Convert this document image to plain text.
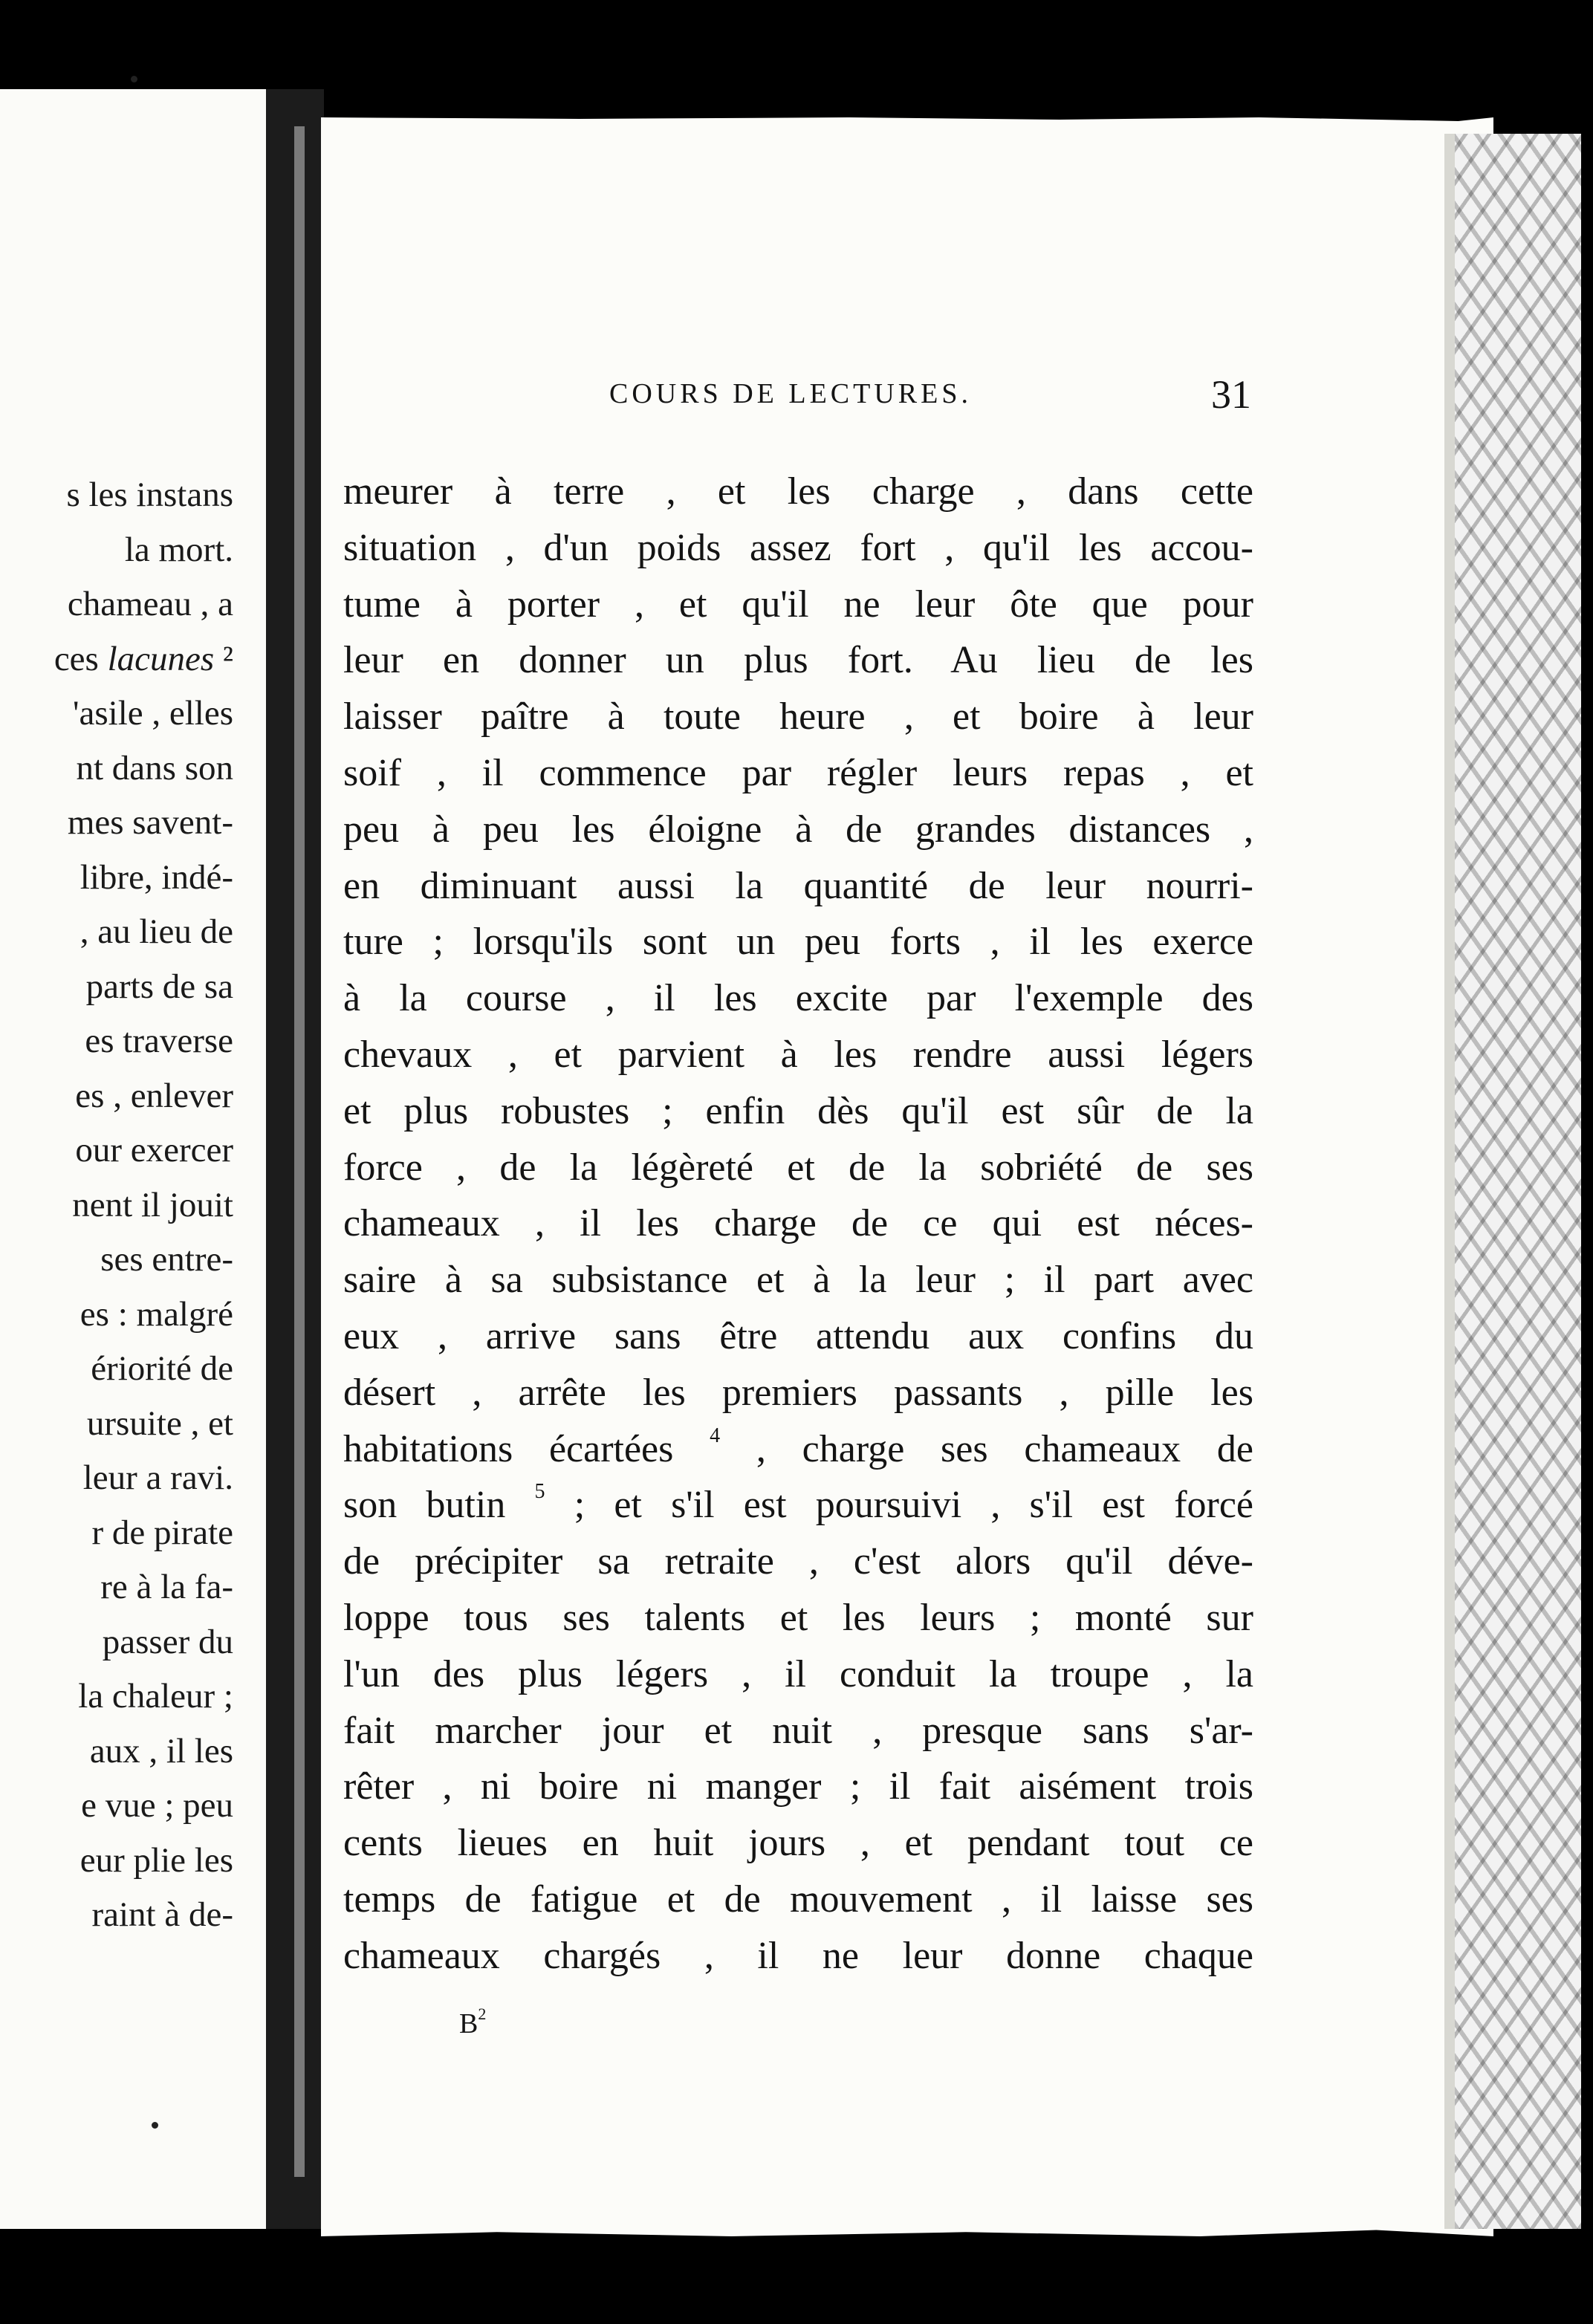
s les instans
la mort.
chameau , a
ces lacunes ²
'asile , elles
nt dans son
mes savent-
libre, indé-
, au lieu de
parts de sa
es traverse
es , enlever
our exercer
nent il jouit
ses entre-
es : malgré
ériorité de
ursuite , et
leur a ravi.
r de pirate
re à la fa-
passer du
la chaleur ;
aux , il les
e vue ; peu
eur plie les
raint à de-
COURS DE LECTURES.	31
meurer à terre , et les charge , dans cette
situation , d'un poids assez fort , qu'il les accou-
tume à porter , et qu'il ne leur ôte que pour
leur en donner un plus fort. Au lieu de les
laisser paître à toute heure , et boire à leur
soif , il commence par régler leurs repas , et
peu à peu les éloigne à de grandes distances ,
en diminuant aussi la quantité de leur nourri-
ture ; lorsqu'ils sont un peu forts , il les exerce
à la course , il les excite par l'exemple des
chevaux , et parvient à les rendre aussi légers
et plus robustes ; enfin dès qu'il est sûr de la
force , de la légèreté et de la sobriété de ses
chameaux , il les charge de ce qui est néces-
saire à sa subsistance et à la leur ; il part avec
eux , arrive sans être attendu aux confins du
désert , arrête les premiers passants , pille les
habitations écartées $^4$ , charge ses chameaux de
son butin $^5$ ; et s'il est poursuivi , s'il est forcé
de précipiter sa retraite , c'est alors qu'il déve-
loppe tous ses talents et les leurs ; monté sur
l'un des plus légers , il conduit la troupe , la
fait marcher jour et nuit , presque sans s'ar-
rêter , ni boire ni manger ; il fait aisément trois
cents lieues en huit jours , et pendant tout ce
temps de fatigue et de mouvement , il laisse ses
chameaux chargés , il ne leur donne chaque
$B^2$
